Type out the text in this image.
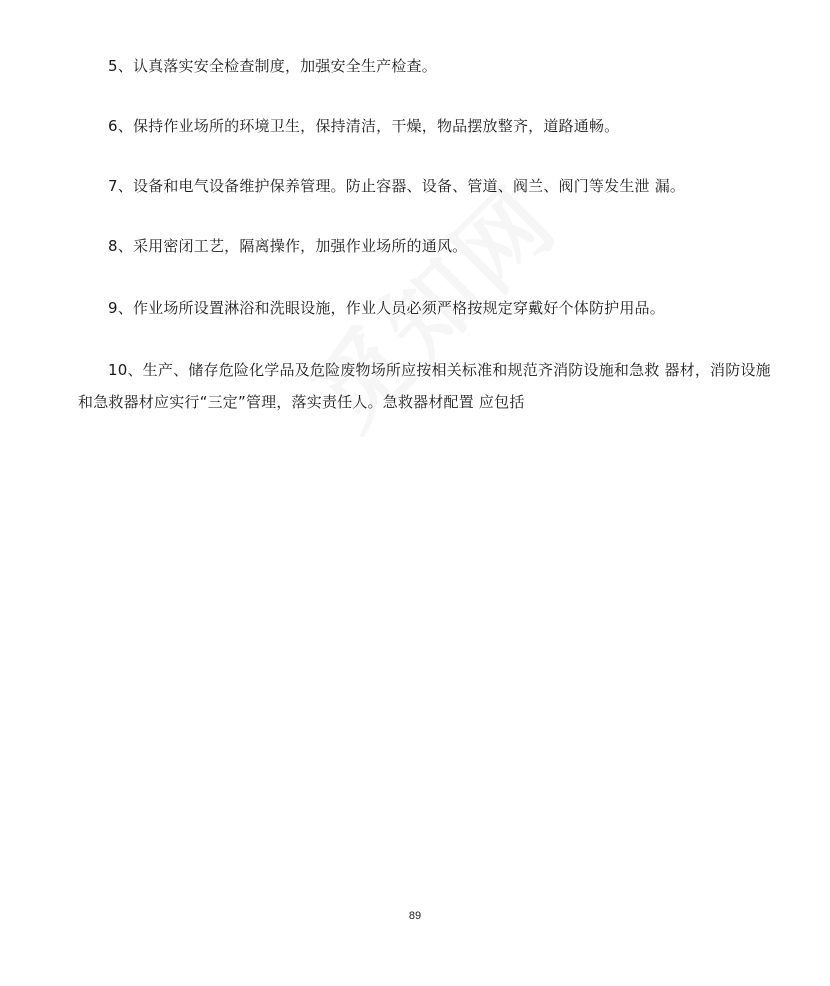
5、认真落实安全检查制度，加强安全生产检查。

6、保持作业场所的环境卫生，保持清洁，干燥，物品摆放整齐，道路通畅。

7、设备和电气设备维护保养管理。防止容器、设备、管道、阀兰、阀门等发生泄 漏。

8、采用密闭工艺，隔离操作，加强作业场所的通风。

9、作业场所设置淋浴和洗眼设施，作业人员必须严格按规定穿戴好个体防护用品。

10、生产、储存危险化学品及危险废物场所应按相关标准和规范齐消防设施和急救 器材，消防设施和急救器材应实行“三定”管理，落实责任人。急救器材配置 应包括

89
